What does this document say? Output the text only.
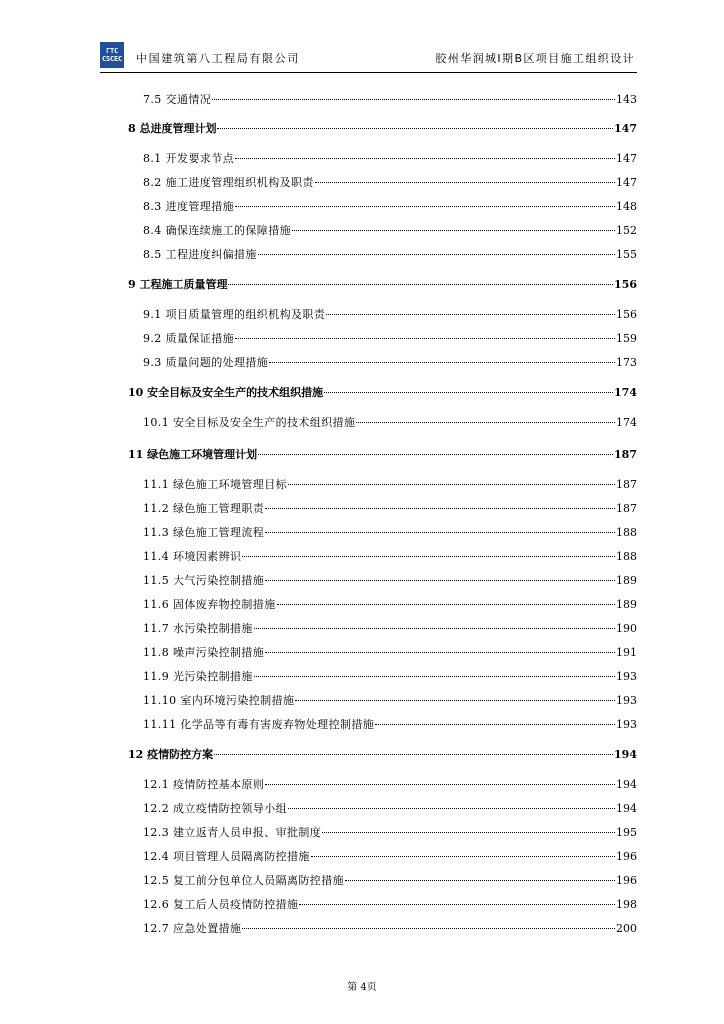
ГТС
CSCEC 中国建筑第八工程局有限公司	胶州华润城Ⅰ期B区项目施工组织设计
7.5 交通情况	143
8 总进度管理计划	147
8.1 开发要求节点	147
8.2 施工进度管理组织机构及职责	147
8.3 进度管理措施	148
8.4 确保连续施工的保障措施	152
8.5 工程进度纠偏措施	155
9 工程施工质量管理	156
9.1 项目质量管理的组织机构及职责	156
9.2 质量保证措施	159
9.3 质量问题的处理措施	173
10 安全目标及安全生产的技术组织措施	174
10.1 安全目标及安全生产的技术组织措施	174
11 绿色施工环境管理计划	187
11.1 绿色施工环境管理目标	187
11.2 绿色施工管理职责	187
11.3 绿色施工管理流程	188
11.4 环境因素辨识	188
11.5 大气污染控制措施	189
11.6 固体废弃物控制措施	189
11.7 水污染控制措施	190
11.8 噪声污染控制措施	191
11.9 光污染控制措施	193
11.10 室内环境污染控制措施	193
11.11 化学品等有毒有害废弃物处理控制措施	193
12 疫情防控方案	194
12.1 疫情防控基本原则	194
12.2 成立疫情防控领导小组	194
12.3 建立返青人员申报、审批制度	195
12.4 项目管理人员隔离防控措施	196
12.5 复工前分包单位人员隔离防控措施	196
12.6 复工后人员疫情防控措施	198
12.7 应急处置措施	200
第 4页
